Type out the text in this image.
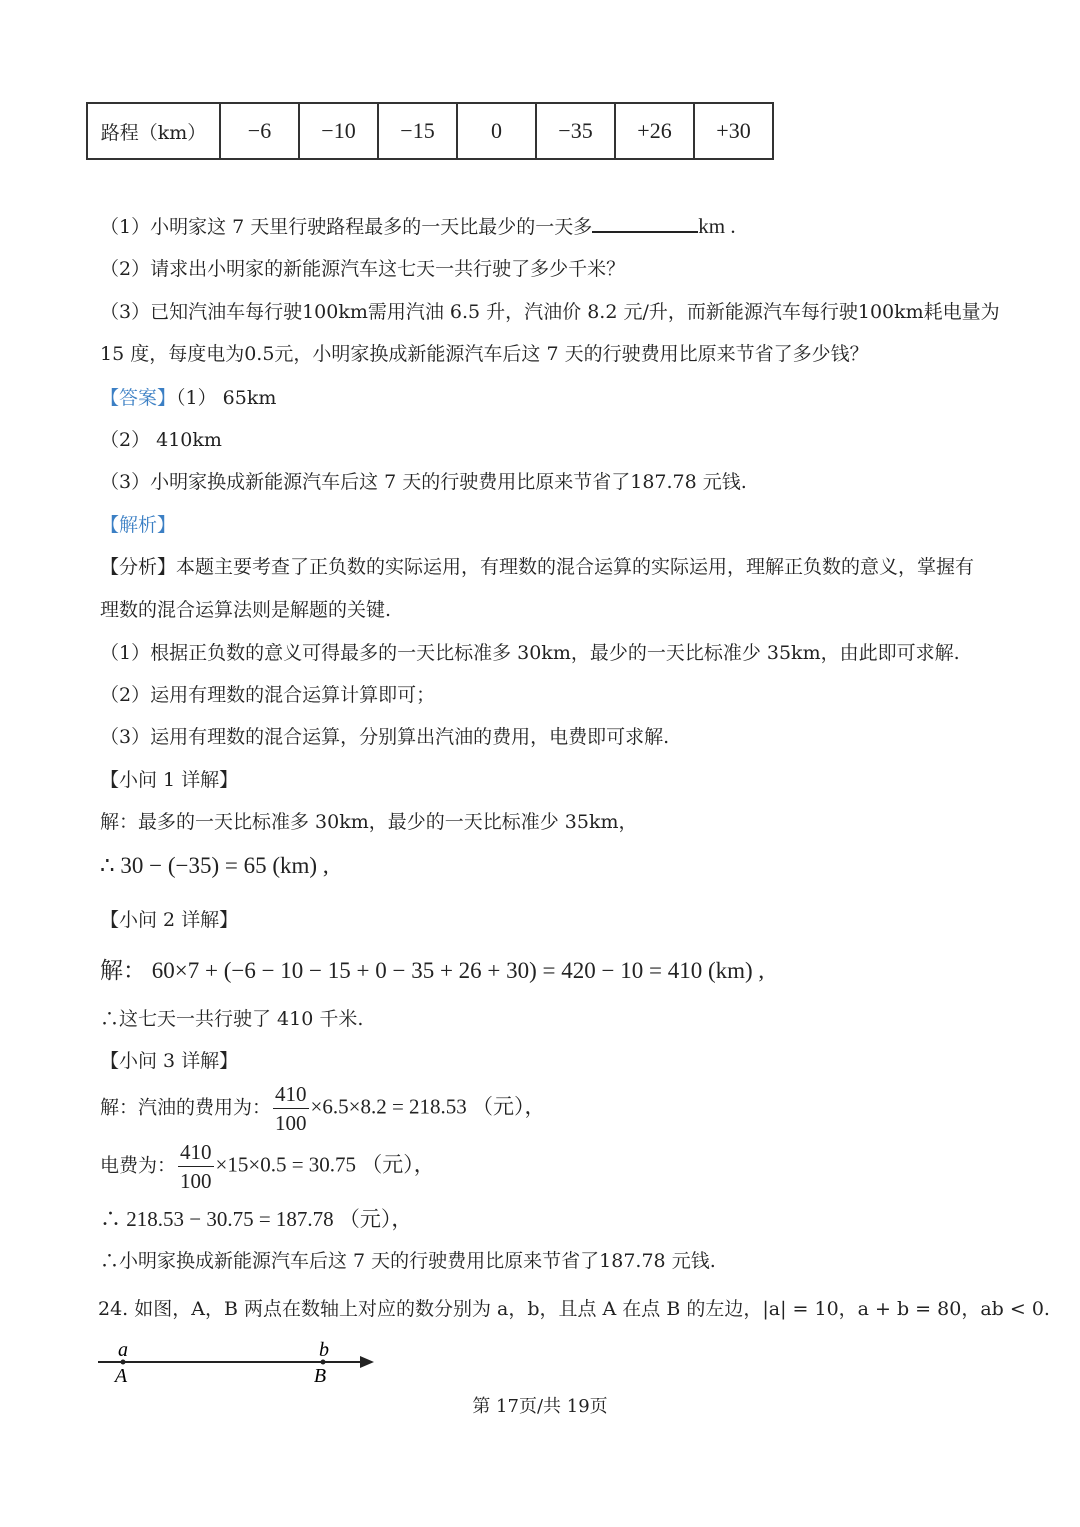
路程（km）	−6	−10	−15	0	−35	+26	+30
（1）小明家这 7 天里行驶路程最多的一天比最少的一天多	km .
（2）请求出小明家的新能源汽车这七天一共行驶了多少千米？
（3）已知汽油车每行驶100km需用汽油 6.5 升，汽油价 8.2 元/升，而新能源汽车每行驶100km耗电量为
15 度，每度电为0.5元，小明家换成新能源汽车后这 7 天的行驶费用比原来节省了多少钱？
【答案】（1） 65km
（2） 410km
（3）小明家换成新能源汽车后这 7 天的行驶费用比原来节省了187.78 元钱.
【解析】
【分析】本题主要考查了正负数的实际运用，有理数的混合运算的实际运用，理解正负数的意义，掌握有
理数的混合运算法则是解题的关键.
（1）根据正负数的意义可得最多的一天比标准多 30km，最少的一天比标准少 35km，由此即可求解.
（2）运用有理数的混合运算计算即可；
（3）运用有理数的混合运算，分别算出汽油的费用，电费即可求解.
【小问 1 详解】
解：最多的一天比标准多 30km，最少的一天比标准少 35km，
∴ 30 − (−35) = 65 (km) ,
【小问 2 详解】
解： 60×7 + (−6 − 10 − 15 + 0 − 35 + 26 + 30) = 420 − 10 = 410 (km) ,
∴这七天一共行驶了 410 千米.
【小问 3 详解】
解：汽油的费用为： $\frac{410}{100} \times 6.5\times 8.2 = 218.53$ （元），
电费为： $\frac{410}{100} \times 15\times 0.5 = 30.75$ （元），
∴ 218.53 − 30.75 = 187.78 （元），
∴小明家换成新能源汽车后这 7 天的行驶费用比原来节省了187.78 元钱.
24. 如图，A，B 两点在数轴上对应的数分别为 a，b，且点 A 在点 B 的左边，|a| = 10，a + b = 80，ab < 0.
a
A
b
B
第 17页/共 19页
